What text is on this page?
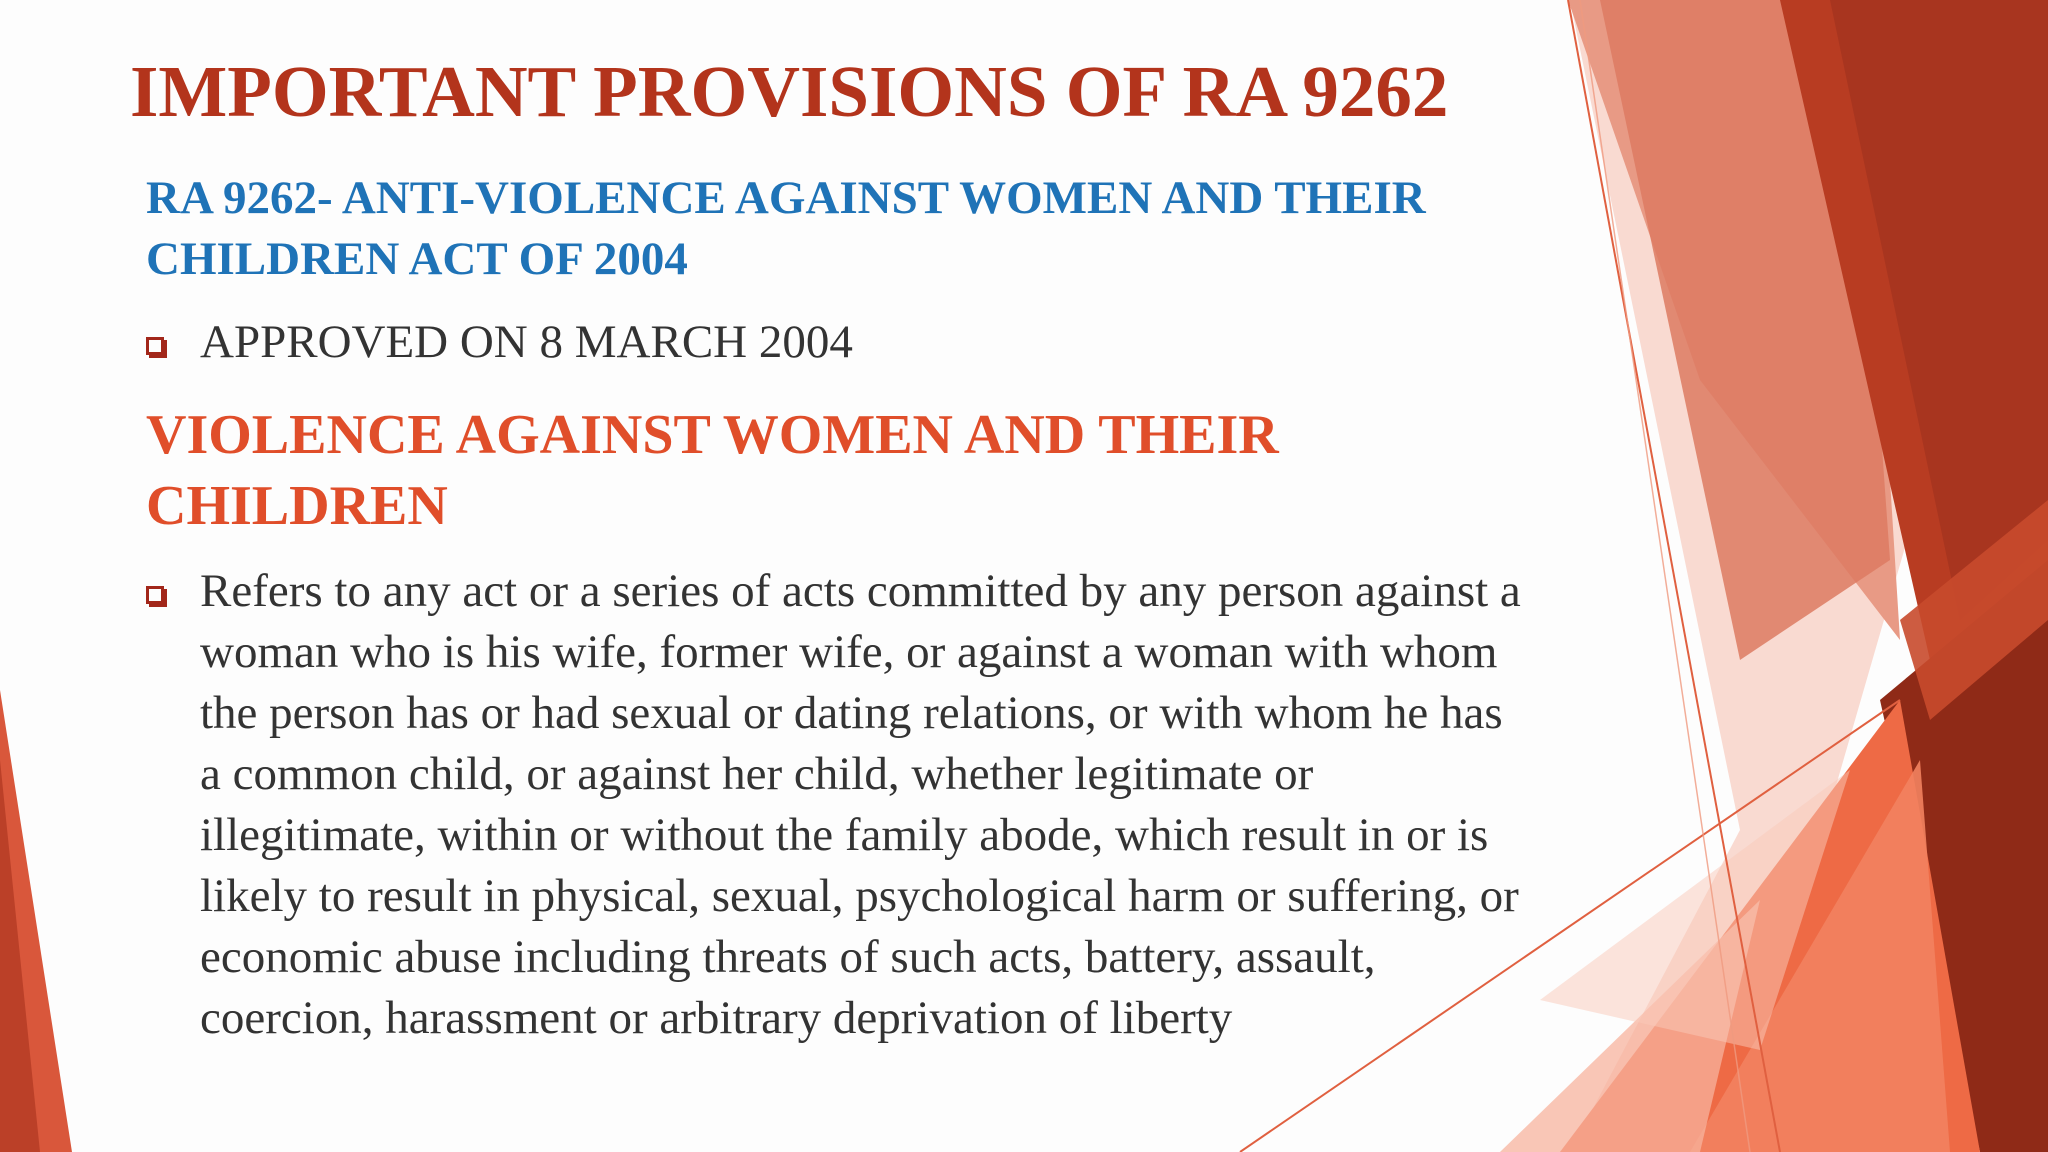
IMPORTANT PROVISIONS OF RA 9262
RA 9262- ANTI-VIOLENCE AGAINST WOMEN AND THEIR CHILDREN ACT OF 2004
APPROVED ON 8 MARCH 2004
VIOLENCE AGAINST WOMEN AND THEIR CHILDREN
Refers to any act or a series of acts committed by any person against a woman who is his wife, former wife, or against a woman with whom the person has or had sexual or dating relations, or with whom he has a common child, or against her child, whether legitimate or illegitimate, within or without the family abode, which result in or is likely to result in physical, sexual, psychological harm or suffering, or economic abuse including threats of such acts, battery, assault, coercion, harassment or arbitrary deprivation of liberty
